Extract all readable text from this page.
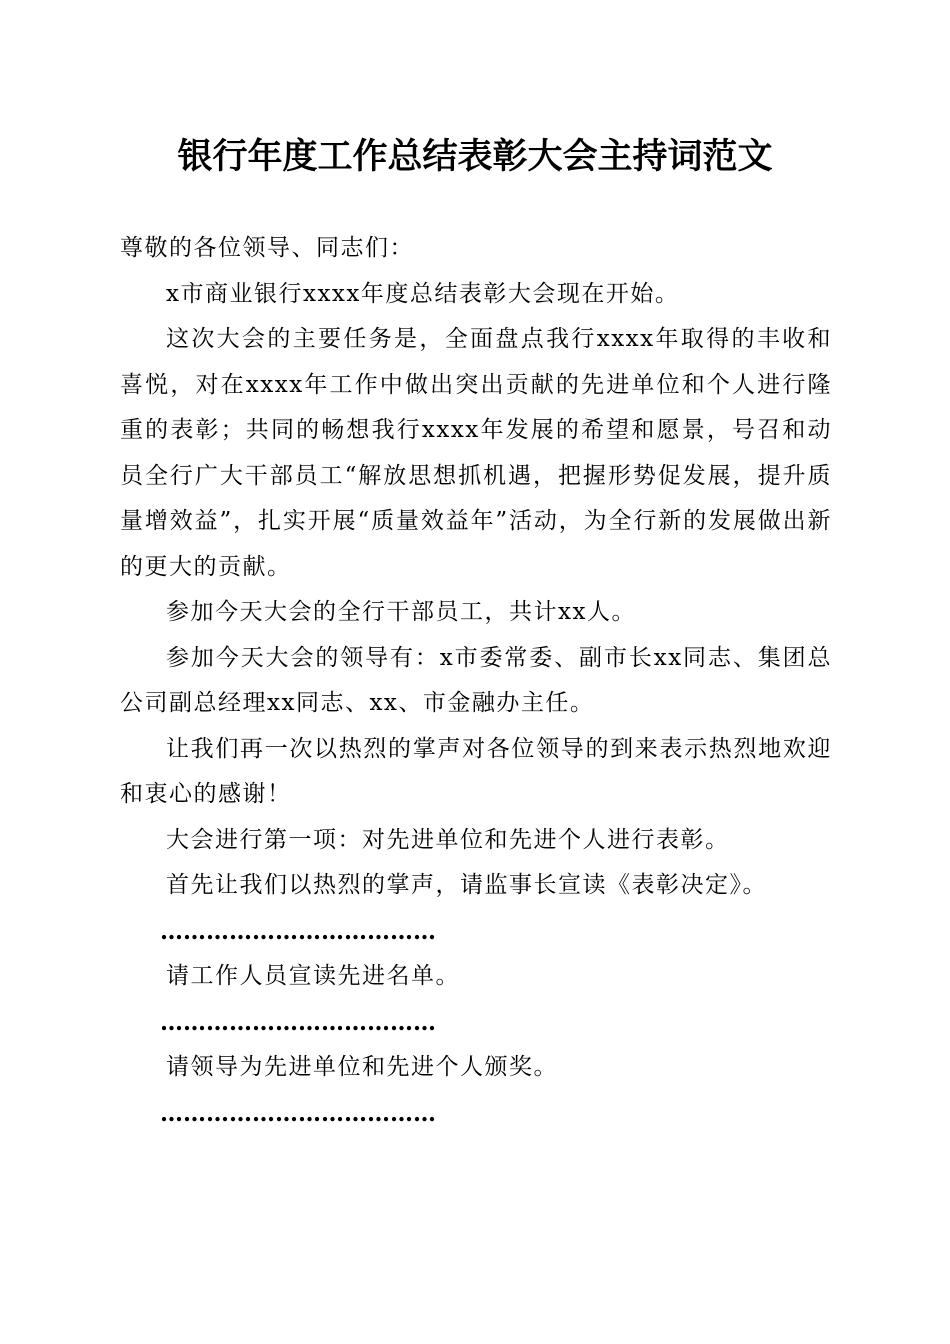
银行年度工作总结表彰大会主持词范文

尊敬的各位领导、同志们：

x市商业银行xxxx年度总结表彰大会现在开始。

这次大会的主要任务是，全面盘点我行xxxx年取得的丰收和喜悦，对在xxxx年工作中做出突出贡献的先进单位和个人进行隆重的表彰；共同的畅想我行xxxx年发展的希望和愿景，号召和动员全行广大干部员工“解放思想抓机遇，把握形势促发展，提升质量增效益”，扎实开展“质量效益年”活动，为全行新的发展做出新的更大的贡献。

参加今天大会的全行干部员工，共计xx人。

参加今天大会的领导有：x市委常委、副市长xx同志、集团总公司副总经理xx同志、xx、市金融办主任。

让我们再一次以热烈的掌声对各位领导的到来表示热烈地欢迎和衷心的感谢！

大会进行第一项：对先进单位和先进个人进行表彰。

首先让我们以热烈的掌声，请监事长宣读《表彰决定》。

………………………………

请工作人员宣读先进名单。

………………………………

请领导为先进单位和先进个人颁奖。

………………………………
